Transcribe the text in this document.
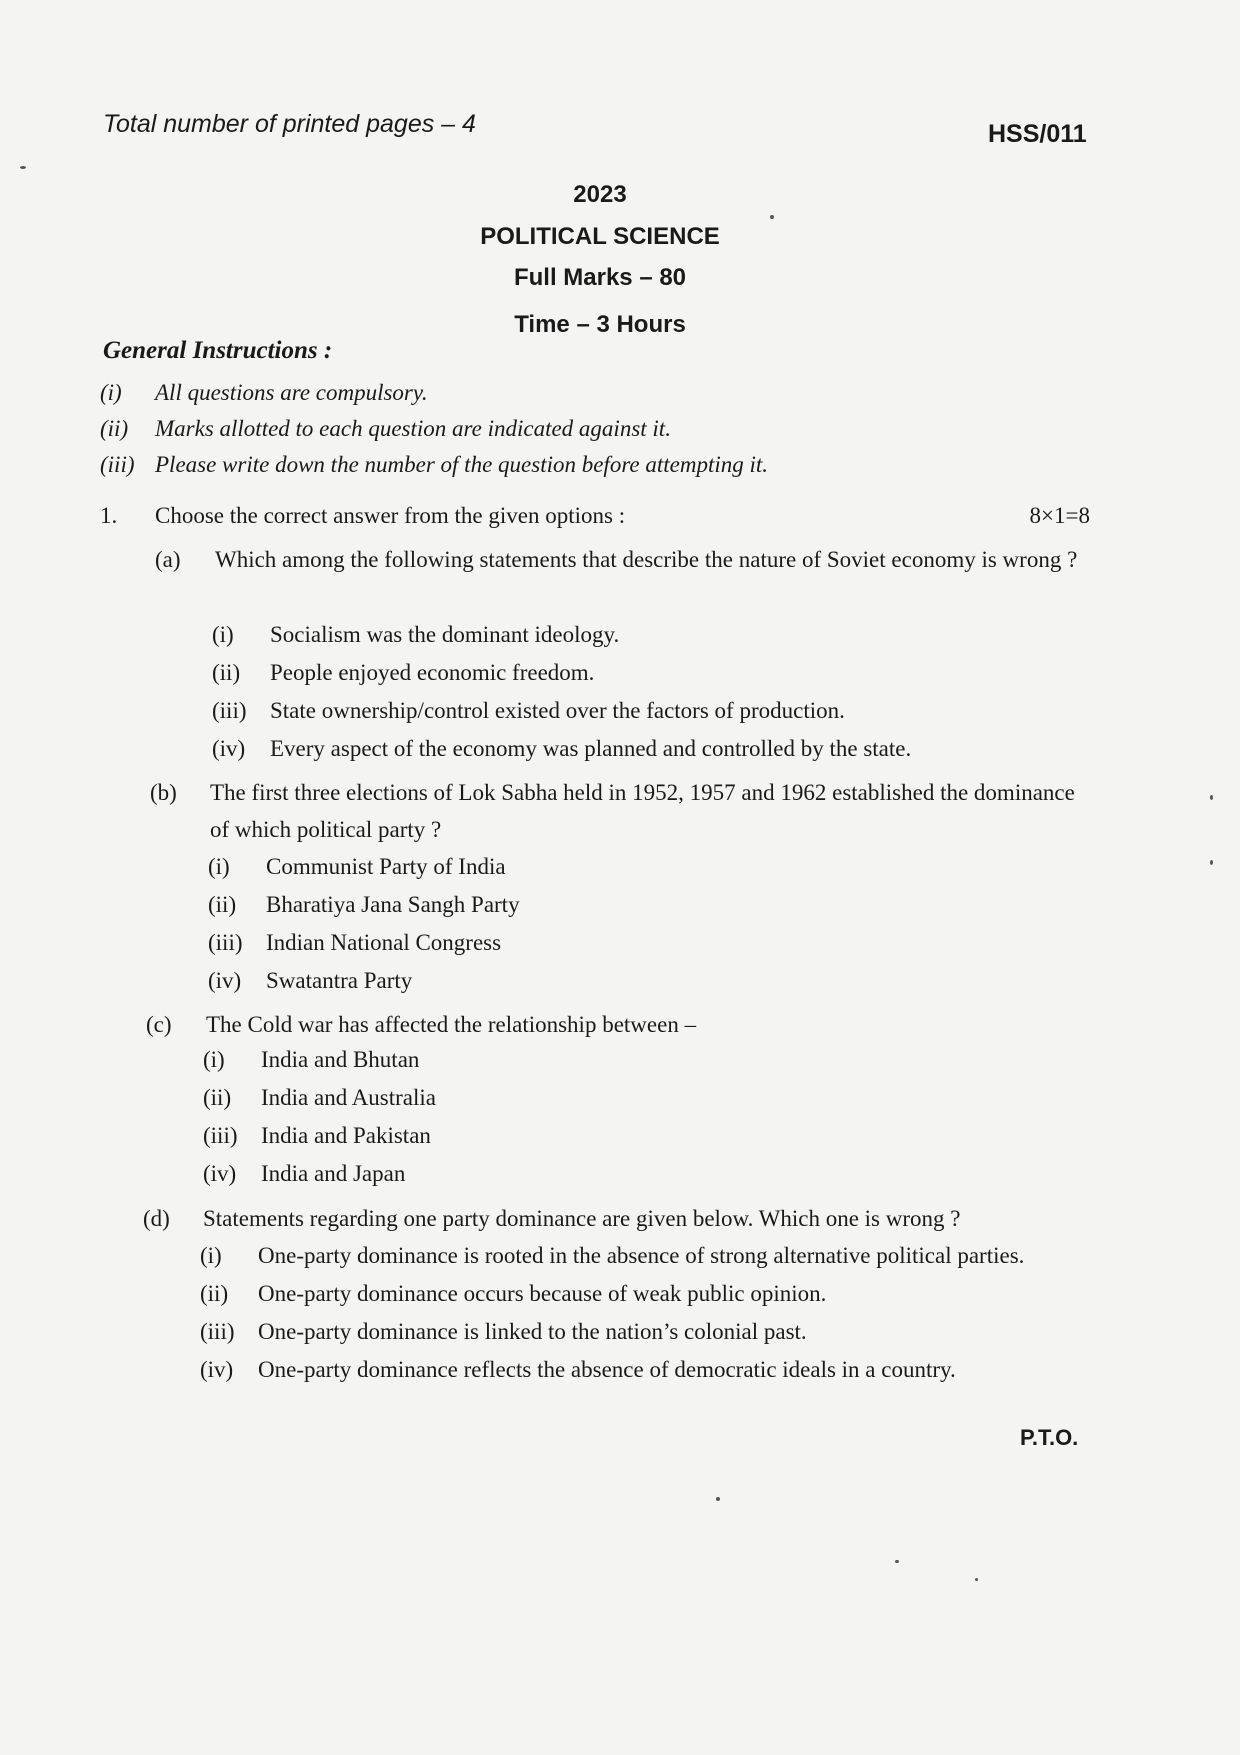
Total number of printed pages – 4	HSS/011
2023
POLITICAL SCIENCE
Full Marks – 80
Time – 3 Hours
General Instructions :
(i) All questions are compulsory.
(ii) Marks allotted to each question are indicated against it.
(iii) Please write down the number of the question before attempting it.
1. Choose the correct answer from the given options :	8×1=8
(a) Which among the following statements that describe the nature of Soviet economy is wrong ?
(i) Socialism was the dominant ideology.
(ii) People enjoyed economic freedom.
(iii) State ownership/control existed over the factors of production.
(iv) Every aspect of the economy was planned and controlled by the state.
(b) The first three elections of Lok Sabha held in 1952, 1957 and 1962 established the dominance of which political party ?
(i) Communist Party of India
(ii) Bharatiya Jana Sangh Party
(iii) Indian National Congress
(iv) Swatantra Party
(c) The Cold war has affected the relationship between –
(i) India and Bhutan
(ii) India and Australia
(iii) India and Pakistan
(iv) India and Japan
(d) Statements regarding one party dominance are given below. Which one is wrong ?
(i) One-party dominance is rooted in the absence of strong alternative political parties.
(ii) One-party dominance occurs because of weak public opinion.
(iii) One-party dominance is linked to the nation’s colonial past.
(iv) One-party dominance reflects the absence of democratic ideals in a country.
P.T.O.
